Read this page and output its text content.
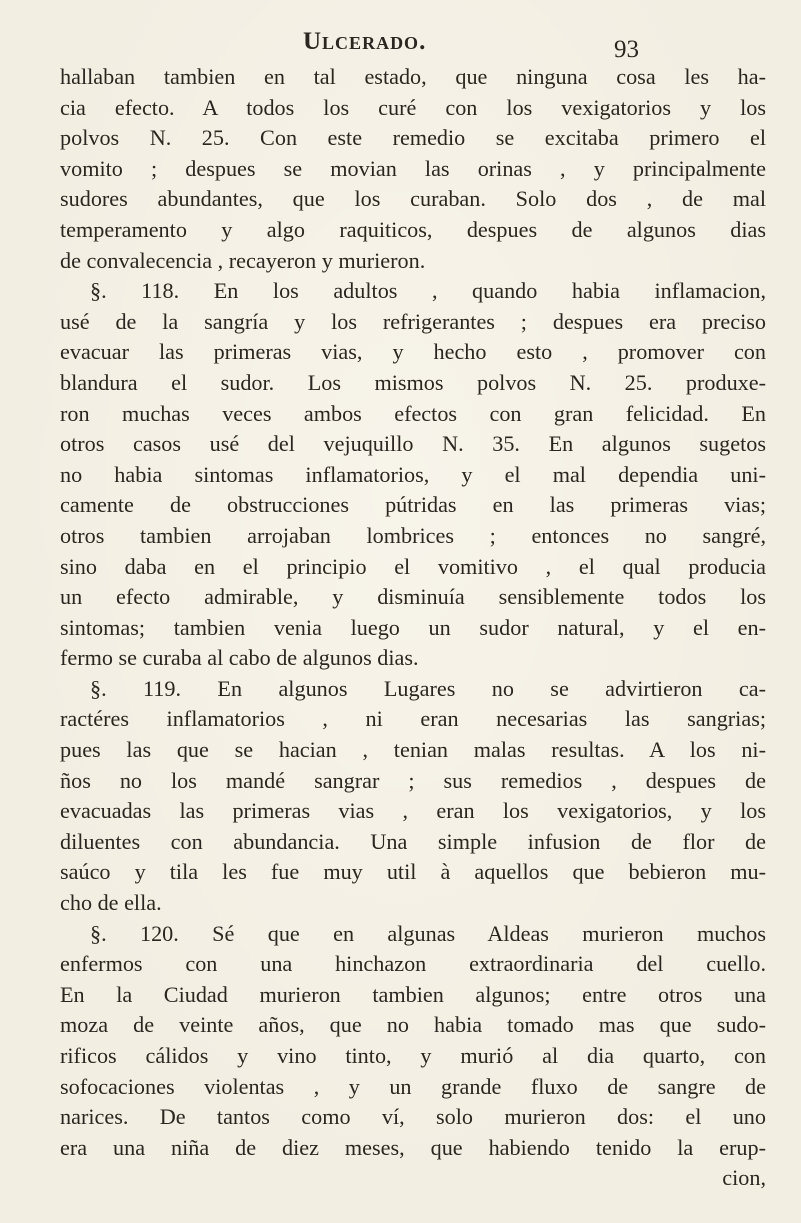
Ulcerado.	93
hallaban tambien en tal estado, que ninguna cosa les ha-
cia efecto. A todos los curé con los vexigatorios y los
polvos N. 25. Con este remedio se excitaba primero el
vomito ; despues se movian las orinas , y principalmente
sudores abundantes, que los curaban. Solo dos , de mal
temperamento y algo raquiticos, despues de algunos dias
de convalecencia , recayeron y murieron.
§. 118. En los adultos , quando habia inflamacion,
usé de la sangría y los refrigerantes ; despues era preciso
evacuar las primeras vias, y hecho esto , promover con
blandura el sudor. Los mismos polvos N. 25. produxe-
ron muchas veces ambos efectos con gran felicidad. En
otros casos usé del vejuquillo N. 35. En algunos sugetos
no habia sintomas inflamatorios, y el mal dependia uni-
camente de obstrucciones pútridas en las primeras vias;
otros tambien arrojaban lombrices ; entonces no sangré,
sino daba en el principio el vomitivo , el qual producia
un efecto admirable, y disminuía sensiblemente todos los
sintomas; tambien venia luego un sudor natural, y el en-
fermo se curaba al cabo de algunos dias.
§. 119. En algunos Lugares no se advirtieron ca-
ractéres inflamatorios , ni eran necesarias las sangrias;
pues las que se hacian , tenian malas resultas. A los ni-
ños no los mandé sangrar ; sus remedios , despues de
evacuadas las primeras vias , eran los vexigatorios, y los
diluentes con abundancia. Una simple infusion de flor de
saúco y tila les fue muy util à aquellos que bebieron mu-
cho de ella.
§. 120. Sé que en algunas Aldeas murieron muchos
enfermos con una hinchazon extraordinaria del cuello.
En la Ciudad murieron tambien algunos; entre otros una
moza de veinte años, que no habia tomado mas que sudo-
rificos cálidos y vino tinto, y murió al dia quarto, con
sofocaciones violentas , y un grande fluxo de sangre de
narices. De tantos como ví, solo murieron dos: el uno
era una niña de diez meses, que habiendo tenido la erup-
cion,
